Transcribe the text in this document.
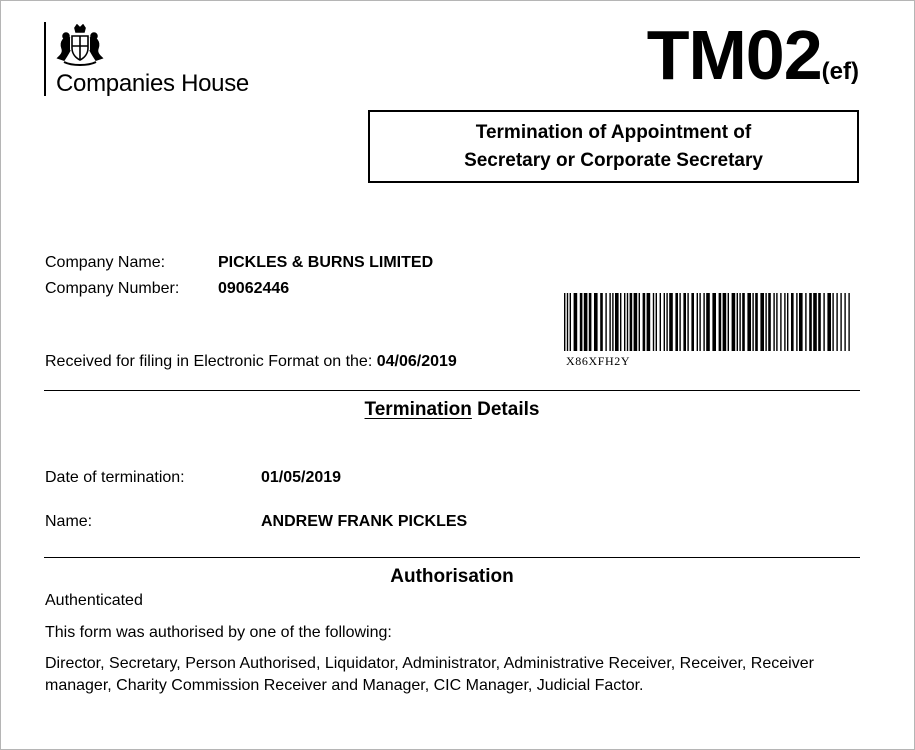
Companies House	TM02(ef)
Termination of Appointment of
Secretary or Corporate Secretary
Company Name:	PICKLES & BURNS LIMITED
Company Number: 09062446
Received for filing in Electronic Format on the: 04/06/2019	X86XFH2Y
Termination Details
Date of termination:	01/05/2019
Name:	ANDREW FRANK PICKLES
Authorisation
Authenticated
This form was authorised by one of the following:
Director, Secretary, Person Authorised, Liquidator, Administrator, Administrative Receiver, Receiver, Receiver manager, Charity Commission Receiver and Manager, CIC Manager, Judicial Factor.
